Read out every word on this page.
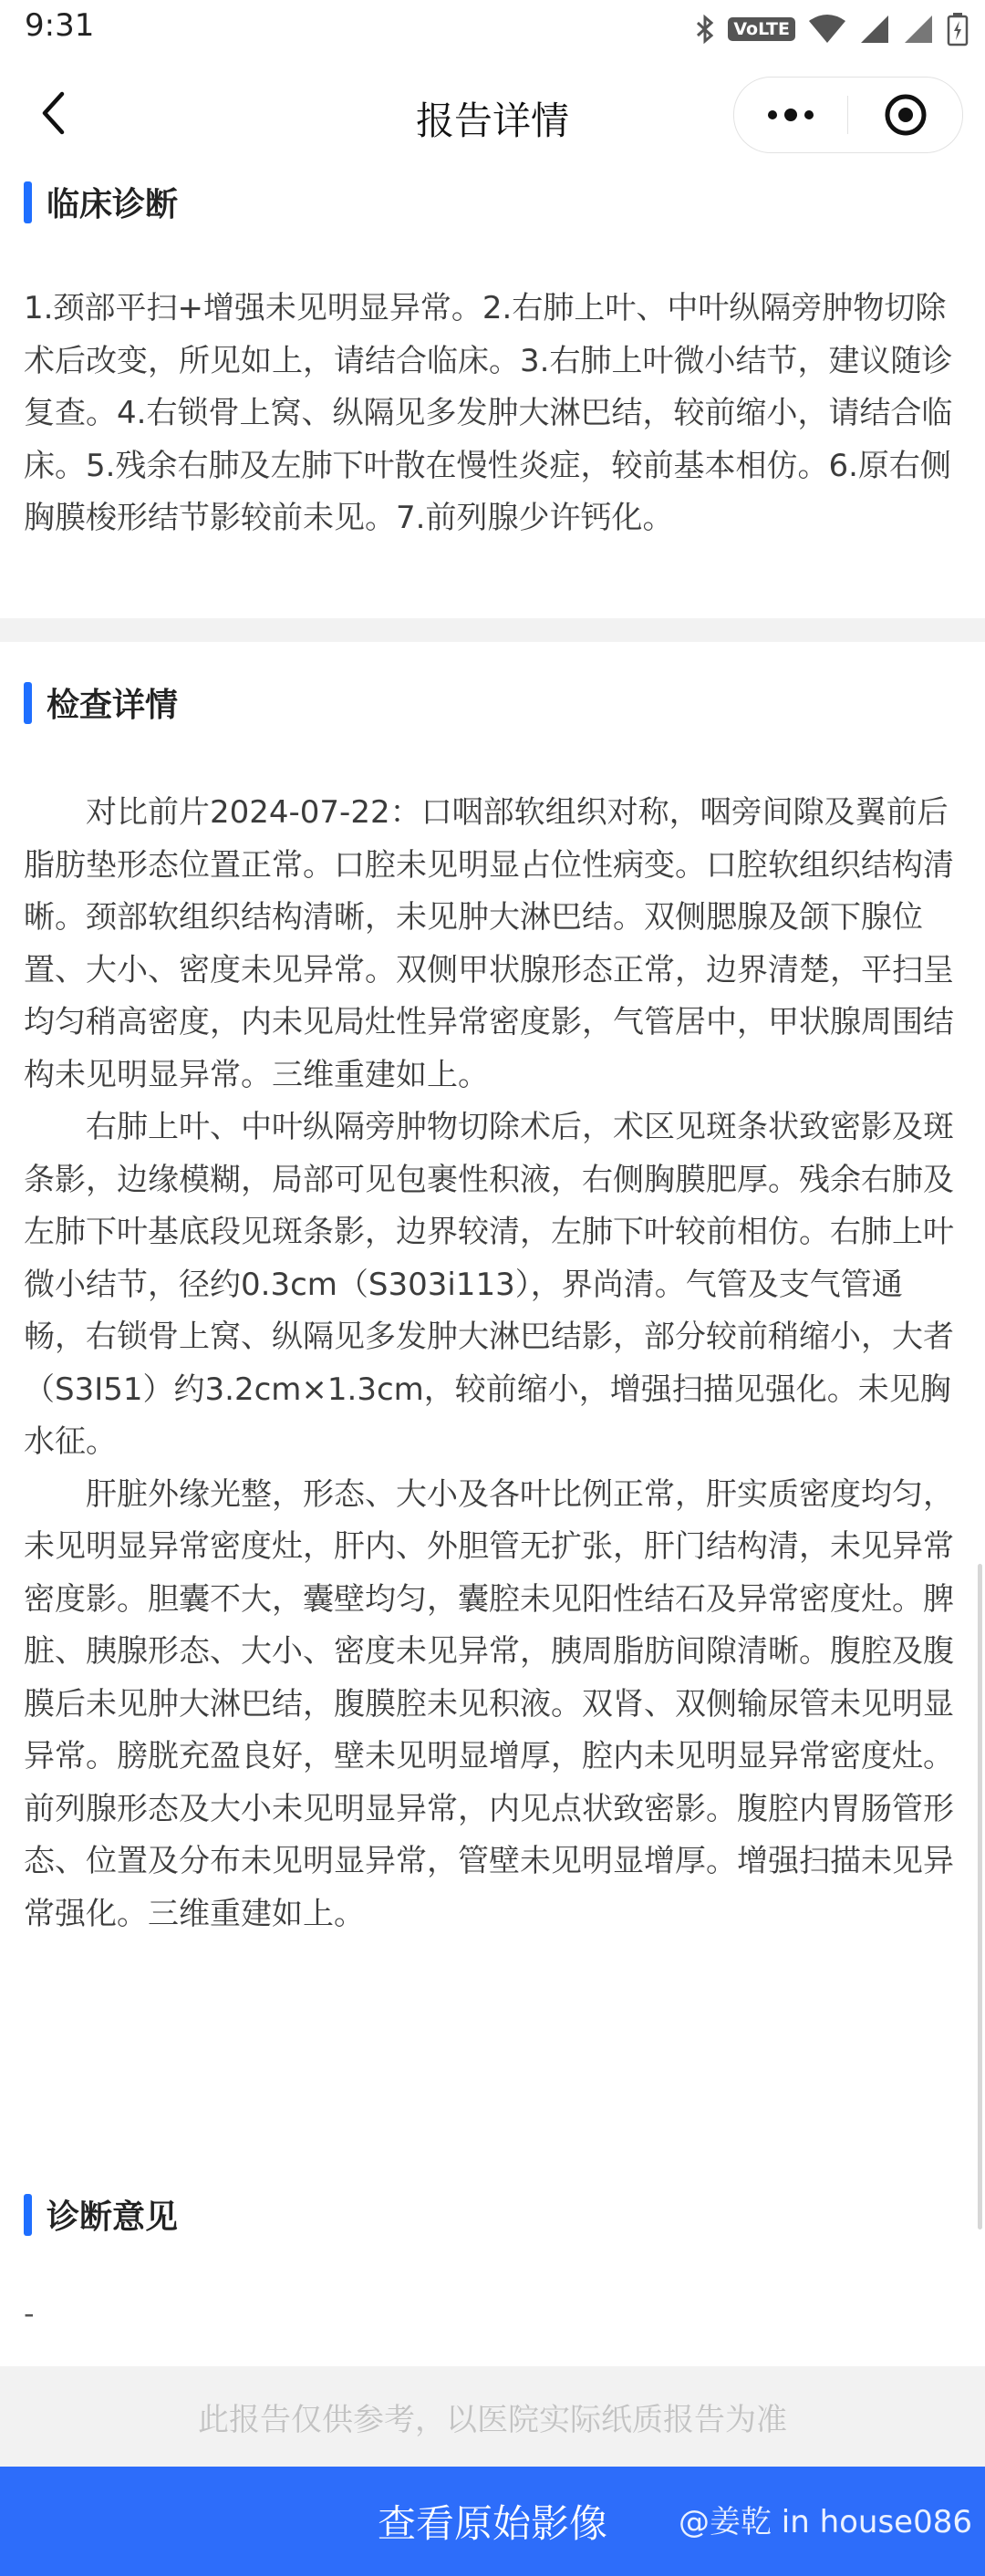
9:31	VoLTE
报告详情
临床诊断

1.颈部平扫+增强未见明显异常。2.右肺上叶、中叶纵隔旁肿物切除术后改变，所见如上，请结合临床。3.右肺上叶微小结节，建议随诊复查。4.右锁骨上窝、纵隔见多发肿大淋巴结，较前缩小，请结合临床。5.残余右肺及左肺下叶散在慢性炎症，较前基本相仿。6.原右侧胸膜梭形结节影较前未见。7.前列腺少许钙化。

检查详情

对比前片2024-07-22：口咽部软组织对称，咽旁间隙及翼前后脂肪垫形态位置正常。口腔未见明显占位性病变。口腔软组织结构清晰。颈部软组织结构清晰，未见肿大淋巴结。双侧腮腺及颌下腺位置、大小、密度未见异常。双侧甲状腺形态正常，边界清楚，平扫呈均匀稍高密度，内未见局灶性异常密度影，气管居中，甲状腺周围结构未见明显异常。三维重建如上。

右肺上叶、中叶纵隔旁肿物切除术后，术区见斑条状致密影及斑条影，边缘模糊，局部可见包裹性积液，右侧胸膜肥厚。残余右肺及左肺下叶基底段见斑条影，边界较清，左肺下叶较前相仿。右肺上叶微小结节，径约0.3cm（S303i113），界尚清。气管及支气管通畅，右锁骨上窝、纵隔见多发肿大淋巴结影，部分较前稍缩小，大者（S3I51）约3.2cm×1.3cm，较前缩小，增强扫描见强化。未见胸水征。

肝脏外缘光整，形态、大小及各叶比例正常，肝实质密度均匀，未见明显异常密度灶，肝内、外胆管无扩张，肝门结构清，未见异常密度影。胆囊不大，囊壁均匀，囊腔未见阳性结石及异常密度灶。脾脏、胰腺形态、大小、密度未见异常，胰周脂肪间隙清晰。腹腔及腹膜后未见肿大淋巴结，腹膜腔未见积液。双肾、双侧输尿管未见明显异常。膀胱充盈良好，壁未见明显增厚，腔内未见明显异常密度灶。前列腺形态及大小未见明显异常，内见点状致密影。腹腔内胃肠管形态、位置及分布未见明显异常，管壁未见明显增厚。增强扫描未见异常强化。三维重建如上。

诊断意见
-
此报告仅供参考，以医院实际纸质报告为准
查看原始影像 @姜乾 in house086
